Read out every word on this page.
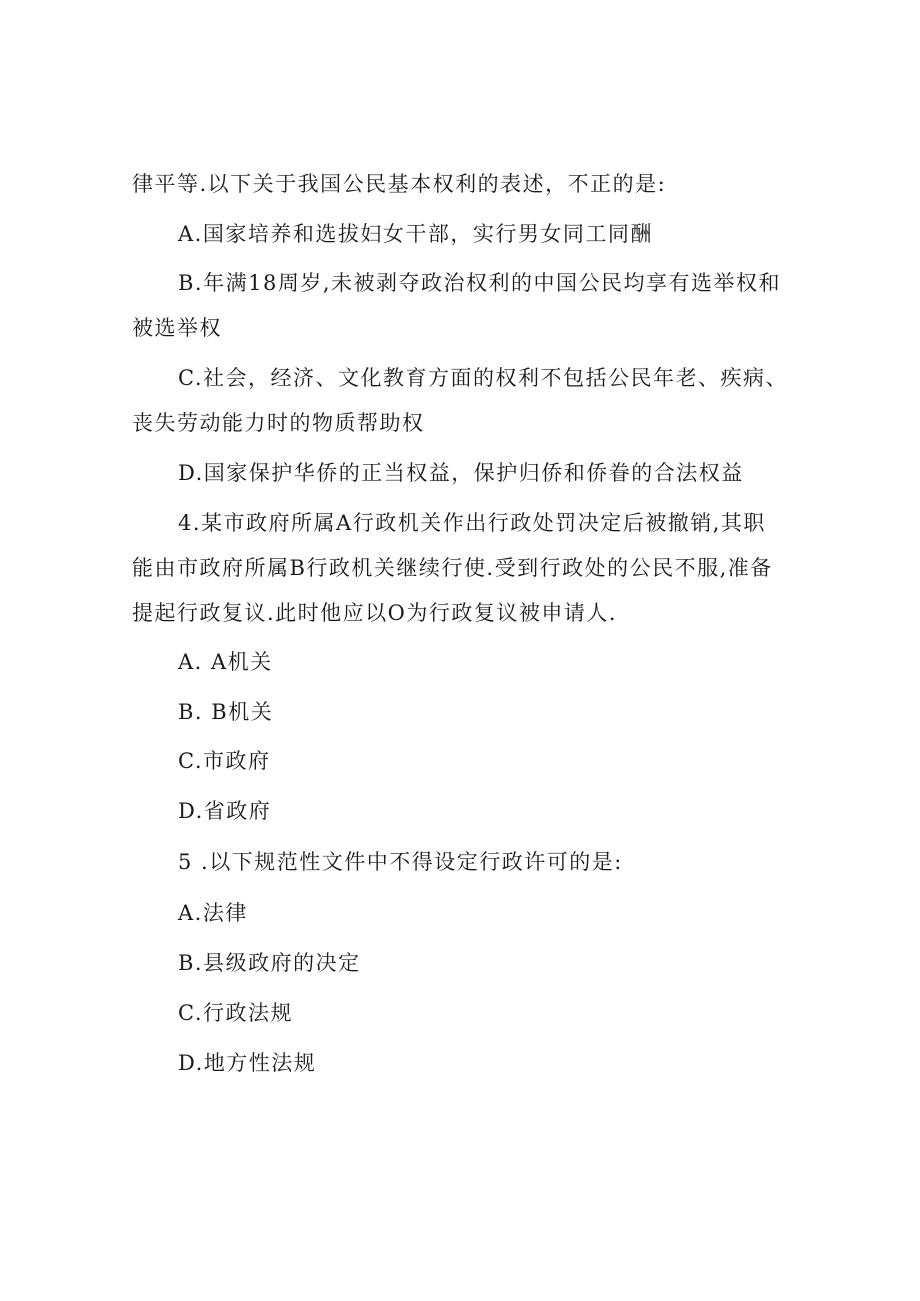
律平等.以下关于我国公民基本权利的表述，不正的是:
A.国家培养和选拔妇女干部，实行男女同工同酬
B.年满18周岁,未被剥夺政治权利的中国公民均享有选举权和
被选举权
C.社会，经济、文化教育方面的权利不包括公民年老、疾病、
丧失劳动能力时的物质帮助权
D.国家保护华侨的正当权益，保护归侨和侨眷的合法权益
4.某市政府所属A行政机关作出行政处罚决定后被撤销,其职
能由市政府所属B行政机关继续行使.受到行政处的公民不服,准备
提起行政复议.此时他应以O为行政复议被申请人.
A. A机关
B. B机关
C.市政府
D.省政府
5 .以下规范性文件中不得设定行政许可的是:
A.法律
B.县级政府的决定
C.行政法规
D.地方性法规
